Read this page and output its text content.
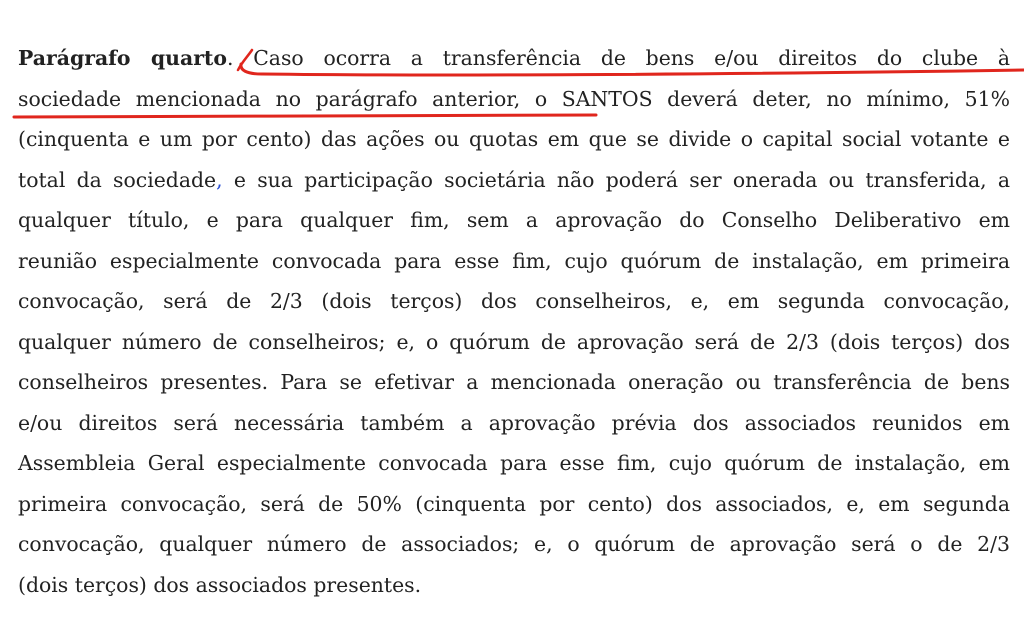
Parágrafo quarto. Caso ocorra a transferência de bens e/ou direitos do clube à
sociedade mencionada no parágrafo anterior, o SANTOS deverá deter, no mínimo, 51%
(cinquenta e um por cento) das ações ou quotas em que se divide o capital social votante e
total da sociedade, e sua participação societária não poderá ser onerada ou transferida, a
qualquer título, e para qualquer fim, sem a aprovação do Conselho Deliberativo em
reunião especialmente convocada para esse fim, cujo quórum de instalação, em primeira
convocação, será de 2/3 (dois terços) dos conselheiros, e, em segunda convocação,
qualquer número de conselheiros; e, o quórum de aprovação será de 2/3 (dois terços) dos
conselheiros presentes. Para se efetivar a mencionada oneração ou transferência de bens
e/ou direitos será necessária também a aprovação prévia dos associados reunidos em
Assembleia Geral especialmente convocada para esse fim, cujo quórum de instalação, em
primeira convocação, será de 50% (cinquenta por cento) dos associados, e, em segunda
convocação, qualquer número de associados; e, o quórum de aprovação será o de 2/3
(dois terços) dos associados presentes.
